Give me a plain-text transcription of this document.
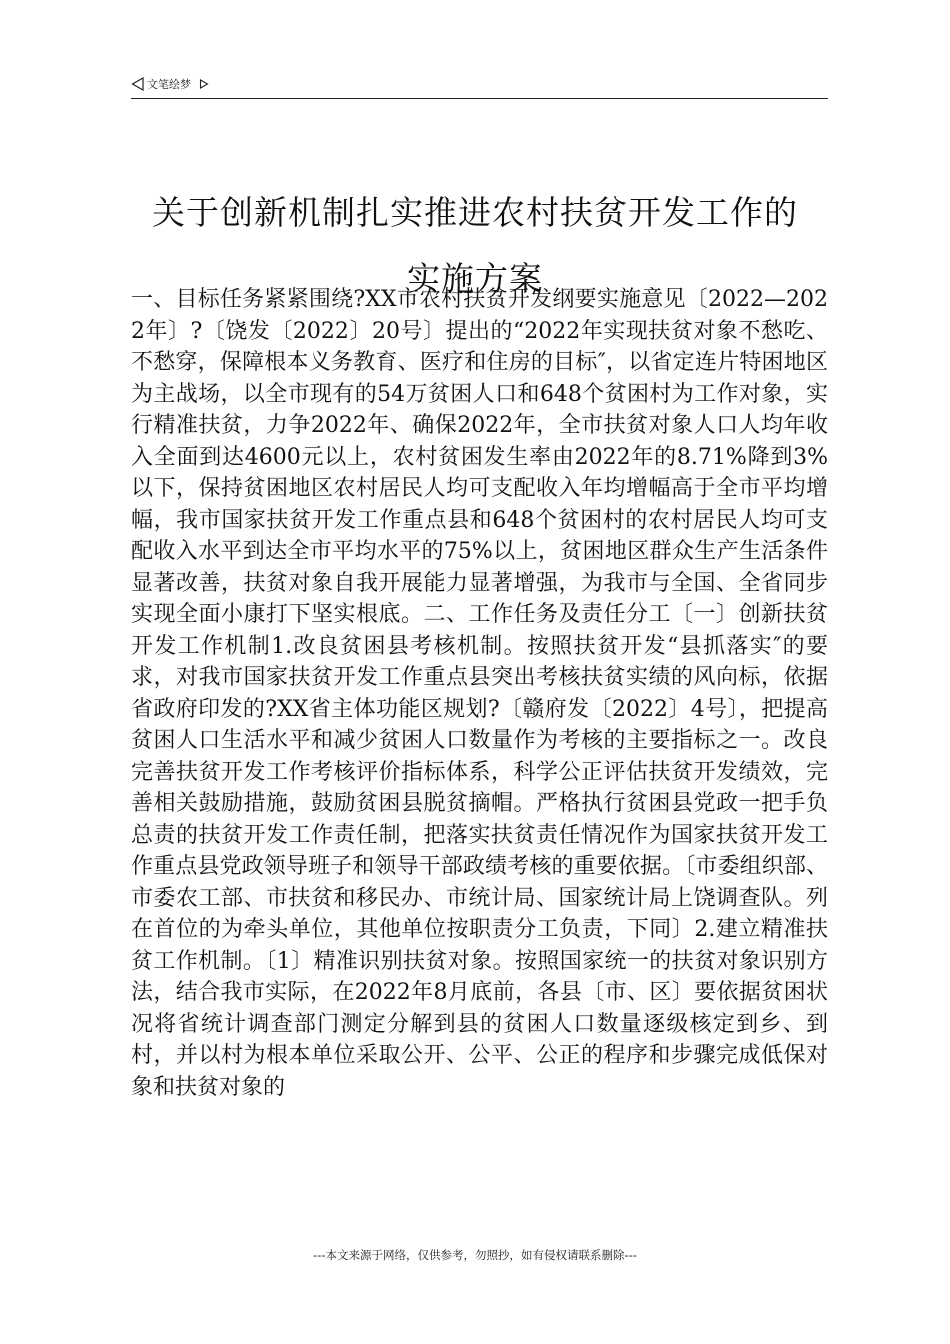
文笔绘梦
关于创新机制扎实推进农村扶贫开发工作的
实施方案

一、目标任务紧紧围绕?XX市农村扶贫开发纲要实施意见〔2022—2022年〕?〔饶发〔2022〕20号〕提出的“2022年实现扶贫对象不愁吃、不愁穿，保障根本义务教育、医疗和住房的目标″，以省定连片特困地区为主战场，以全市现有的54万贫困人口和648个贫困村为工作对象，实行精准扶贫，力争2022年、确保2022年，全市扶贫对象人口人均年收入全面到达4600元以上，农村贫困发生率由2022年的8.71%降到3%以下，保持贫困地区农村居民人均可支配收入年均增幅高于全市平均增幅，我市国家扶贫开发工作重点县和648个贫困村的农村居民人均可支配收入水平到达全市平均水平的75%以上，贫困地区群众生产生活条件显著改善，扶贫对象自我开展能力显著增强，为我市与全国、全省同步实现全面小康打下坚实根底。二、工作任务及责任分工〔一〕创新扶贫开发工作机制1.改良贫困县考核机制。按照扶贫开发“县抓落实″的要求，对我市国家扶贫开发工作重点县突出考核扶贫实绩的风向标，依据省政府印发的?XX省主体功能区规划?〔赣府发〔2022〕4号〕，把提高贫困人口生活水平和减少贫困人口数量作为考核的主要指标之一。改良完善扶贫开发工作考核评价指标体系，科学公正评估扶贫开发绩效，完善相关鼓励措施，鼓励贫困县脱贫摘帽。严格执行贫困县党政一把手负总责的扶贫开发工作责任制，把落实扶贫责任情况作为国家扶贫开发工作重点县党政领导班子和领导干部政绩考核的重要依据。〔市委组织部、市委农工部、市扶贫和移民办、市统计局、国家统计局上饶调查队。列在首位的为牵头单位，其他单位按职责分工负责，下同〕2.建立精准扶贫工作机制。〔1〕精准识别扶贫对象。按照国家统一的扶贫对象识别方法，结合我市实际，在2022年8月底前，各县〔市、区〕要依据贫困状况将省统计调查部门测定分解到县的贫困人口数量逐级核定到乡、到村，并以村为根本单位采取公开、公平、公正的程序和步骤完成低保对象和扶贫对象的

---本文来源于网络，仅供参考，勿照抄，如有侵权请联系删除---
